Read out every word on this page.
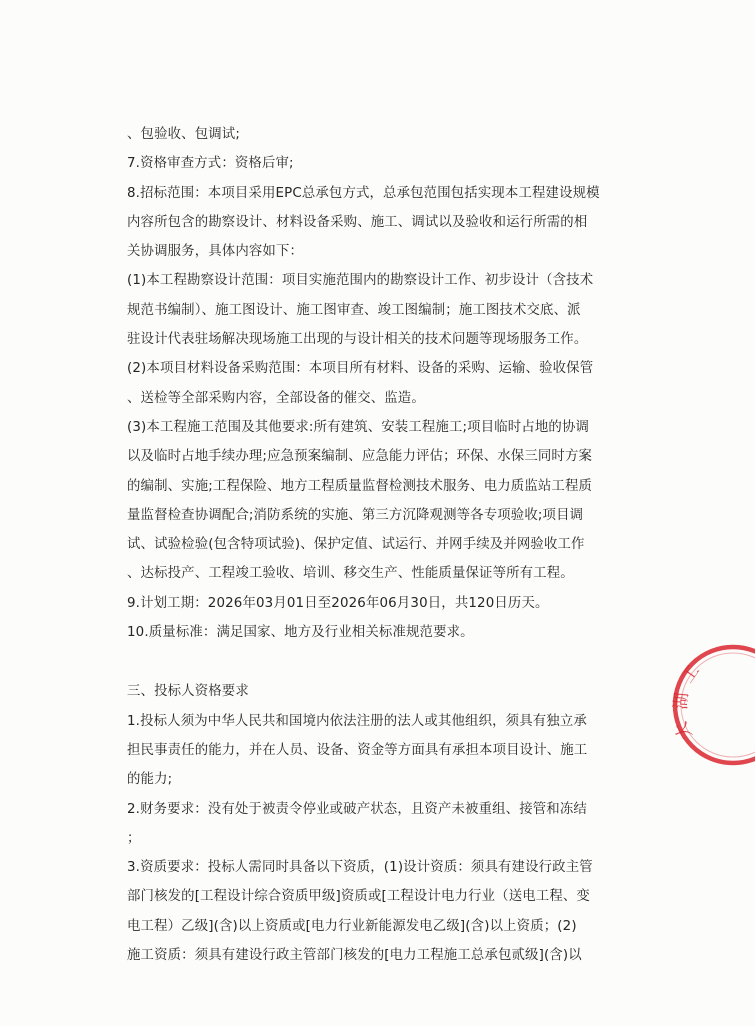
、包验收、包调试;
7.资格审查方式：资格后审;
8.招标范围：本项目采用EPC总承包方式，总承包范围包括实现本工程建设规模
内容所包含的勘察设计、材料设备采购、施工、调试以及验收和运行所需的相
关协调服务，具体内容如下：
(1)本工程勘察设计范围：项目实施范围内的勘察设计工作、初步设计（含技术
规范书编制）、施工图设计、施工图审查、竣工图编制；施工图技术交底、派
驻设计代表驻场解决现场施工出现的与设计相关的技术问题等现场服务工作。
(2)本项目材料设备采购范围：本项目所有材料、设备的采购、运输、验收保管
、送检等全部采购内容，全部设备的催交、监造。
(3)本工程施工范围及其他要求:所有建筑、安装工程施工;项目临时占地的协调
以及临时占地手续办理;应急预案编制、应急能力评估；环保、水保三同时方案
的编制、实施;工程保险、地方工程质量监督检测技术服务、电力质监站工程质
量监督检查协调配合;消防系统的实施、第三方沉降观测等各专项验收;项目调
试、试验检验(包含特项试验)、保护定值、试运行、并网手续及并网验收工作
、达标投产、工程竣工验收、培训、移交生产、性能质量保证等所有工程。
9.计划工期：2026年03月01日至2026年06月30日，共120日历天。
10.质量标准：满足国家、地方及行业相关标准规范要求。
三、投标人资格要求
1.投标人须为中华人民共和国境内依法注册的法人或其他组织，须具有独立承
担民事责任的能力，并在人员、设备、资金等方面具有承担本项目设计、施工
的能力;
2.财务要求：没有处于被责令停业或破产状态，且资产未被重组、接管和冻结
；
3.资质要求：投标人需同时具备以下资质，(1)设计资质：须具有建设行政主管
部门核发的[工程设计综合资质甲级]资质或[工程设计电力行业（送电工程、变
电工程）乙级](含)以上资质或[电力行业新能源发电乙级](含)以上资质；(2)
施工资质：须具有建设行政主管部门核发的[电力工程施工总承包贰级](含)以
工
湖
大
